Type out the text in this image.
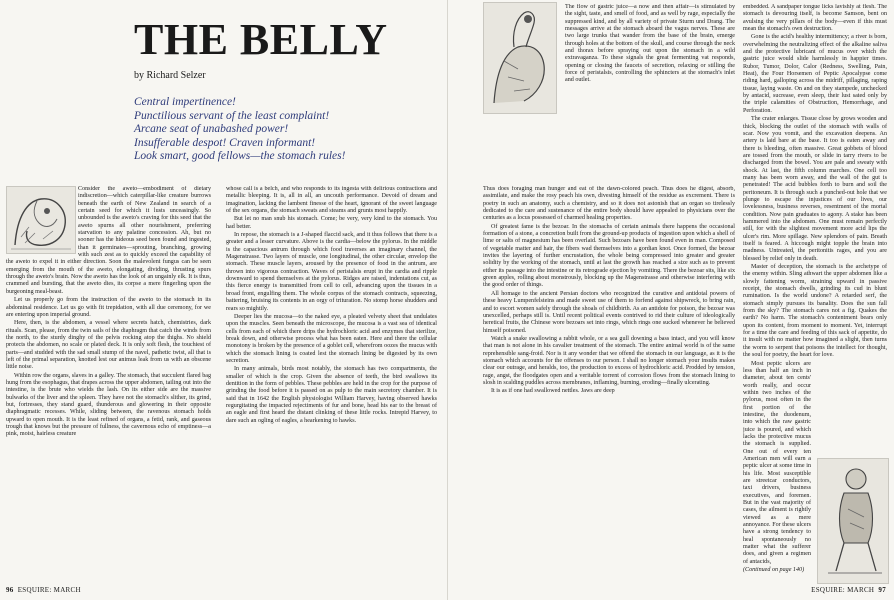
THE BELLY
by Richard Selzer
Central impertinence!
Punctilious servant of the least complaint!
Arcane seat of unabashed power!
Insufferable despot! Craven informant!
Look smart, good fellows—the stomach rules!

Consider the aweto—embodiment of dietary indiscretion—which caterpillar-like creature burrows beneath the earth of New Zealand in search of a certain seed for which it lusts unceasingly. So unbounded is the aweto's craving for this seed that the aweto spurns all other nourishment, preferring starvation to any palatine concession. Ah, but no sooner has the hideous seed been found and ingested, than it germinates—sprouting, branching, growing with such zest as to quickly exceed the capability of the aweto to expel it in either direction. Soon the malevolent fungus can be seen emerging from the mouth of the aweto, elongating, dividing, thrusting spurs through the aweto's brain. Now the aweto has the look of an ungainly elk. It is thus, crammed and bursting, that the aweto dies, its corpse a mere fingerling upon the burgeoning meal-beast.

Let us properly go from the instruction of the aweto to the stomach in its abdominal residence. Let us go with fit trepidation, with all due ceremony, for we are entering upon imperial ground.

Here, then, is the abdomen, a vessel where secrets hatch, chemistries, dark rituals. Scan, please, from the twin sails of the diaphragm that catch the winds from the north, to the sturdy dinghy of the pelvis rocking atop the thighs. No shield protects the abdomen, no scale or plated deck. It is only soft flesh, the touchiest of parts—and studded with the sad small stump of the navel, pathetic twist, all that is left of the primal separation, knotted lest our animus leak from us with an obscene little noise.

Within row the organs, slaves in a galley. The stomach, that succulent flared bag hung from the esophagus, that drapes across the upper abdomen, tailing out into the intestine, is the brute who wields the lash. On its either side are the massive bulwarks of the liver and the spleen. They have not the stomach's slither, its grind, but, fortresses, they stand guard, thunderous and glowering in their opposite diaphragmatic recesses. While, sliding between, the ravenous stomach holds upward to open mouth. It is the least refined of organs, a fetid, rank, and gaseous trough that knows but the pressure of fullness, the cavernous echo of emptiness—a pink, moist, hairless creature

whose call is a belch, and who responds to its ingesta with delirious contractions and metallic bleeping. It is, all in all, an uncouth performance. Devoid of dream and imagination, lacking the lambent finesse of the heart, ignorant of the sweet language of the sex organs, the stomach sweats and steams and grunts most happily.

But let no man snub his stomach. Come; be very, very kind to the stomach. You had better.

In repose, the stomach is a J-shaped flaccid sack, and it thus follows that there is a greater and a lesser curvature. Above is the cardia—below the pylorus. In the middle is the capacious antrum through which food traverses an imaginary channel, the Magenstrasse. Two layers of muscle, one longitudinal, the other circular, envelop the stomach. These muscle layers, aroused by the presence of food in the antrum, are thrown into vigorous contraction. Waves of peristalsis erupt in the cardia and ripple downward to spend themselves at the pylorus. Ridges are raised, indentations cut, as this fierce energy is transmitted from cell to cell, advancing upon the tissues in a broad front, engulfing them. The whole corpus of the stomach contracts, squeezing, battering, bruising its contents in an orgy of trituration. No stomp horse shudders and rears so mightily.

Deeper lies the mucosa—to the naked eye, a pleated velvety sheet that undulates upon the muscles. Seen beneath the microscope, the mucosa is a vast sea of identical cells from each of which there drips the hydrochloric acid and enzymes that sterilize, break down, and otherwise process what has been eaten. Here and there the cellular monotony is broken by the presence of a goblet cell, wherefrom oozes the mucus with which the stomach lining is coated lest the stomach lining be digested by its own secretion.

In many animals, birds most notably, the stomach has two compartments, the smaller of which is the crop. Given the absence of teeth, the bird swallows its dentition in the form of pebbles. These pebbles are held in the crop for the purpose of grinding the food before it is passed on as pulp to the main secretory chamber. It is said that in 1642 the English physiologist William Harvey, having observed hawks regurgitating the impacted rejectiments of fur and bone, head his ear to the breast of an eagle and first heard the distant clinking of these little rocks. Intrepid Harvey, to dare such an ogling of eagles, a hearkening to hawks.

96 ESQUIRE: MARCH

The flow of gastric juice—a now and then affair—is stimulated by the sight, taste, and smell of food, and as well by rage, especially the suppressed kind, and by all variety of private Sturm und Drang. The messages arrive at the stomach aboard the vagus nerves. These are two large trunks that wander from the base of the brain, emerge through holes at the bottom of the skull, and course through the neck and thorax before spraying out upon the stomach in a wild extravaganza. To these signals the great fermenting vat responds, opening or closing the faucets of secretion, relaxing or stilling the force of peristalsis, controlling the sphincters at the stomach's inlet and outlet.

Thus does foraging man hunger and eat of the dawn-colored peach. Thus does he digest, absorb, assimilate, and make the rosy peach his own, divesting himself of the residue as excrement. There is poetry in such an anatomy, such a chemistry, and so it does not astonish that an organ so tirelessly dedicated to the care and sustenance of the entire body should have appealed to physicians over the centuries as a locus possessed of charmed healing properties.

Of greatest fame is the bezoar. In the stomachs of certain animals there happens the occasional formation of a stone, a concretion built from the ground-up products of ingestion upon which a shell of lime or salts of magnesium has been overlaid. Such bezoars have been found even in man. Composed of vegetable matter and hair, the fibers wad themselves into a gordian knot. Once formed, the bezoar invites the layering of further encrustation, the whole being compressed into greater and greater solidity by the working of the stomach, until at last the growth has reached a size such as to prevent either its passage into the intestine or its retrograde ejection by vomiting. There the bezoar sits, like six green apples, rolling about monstrously, blocking up the Magenstrasse and otherwise interfering with the good order of things.

All homage to the ancient Persian doctors who recognized the curative and antidotal powers of these heavy Lumpenfelsteins and made sweet use of them to forfend against shipwreck, to bring rain, and to escort women safely through the shoals of childbirth. As an antidote for poison, the bezoar was unexcelled, perhaps still is. Until recent political events contrived to rid their culture of ideologically heretical fruits, the Chinese wore bezoars set into rings, which rings one sucked whenever he believed himself poisoned.

Watch a snake swallowing a rabbit whole, or a sea gull downing a bass intact, and you will know that man is not alone in his cavalier treatment of the stomach. The entire animal world is of the same reprehensible sang-froid. Nor is it any wonder that we offend the stomach in our language, as it is the stomach which accounts for the offenses to our person. I shall no longer stomach your insults makes clear our outrage, and heralds, too, the production to excess of hydrochloric acid. Prodded by tension, rage, angst, the floodgates open and a veritable torrent of corrosion flows from the stomach lining to slosh in scalding puddles across membranes, inflaming, burning, eroding—finally ulcerating.

It is as if one had swallowed nettles. Jaws are deep

embedded. A sandpaper tongue licks lavishly at flesh. The stomach is devouring itself, is become Samson, bent on avulsing the very pillars of the body—even if this must mean the stomach's own destruction.

Gone is the acid's healthy intermittency; a river is born, overwhelming the neutralizing effect of the alkaline saliva and the protective lubricant of mucus over which the gastric juice would slide harmlessly in happier times. Rubor, Tumor, Dolor, Calor (Redness, Swelling, Pain, Heat), the Four Horsemen of Peptic Apocalypse come riding hard, galloping across the midriff, pillaging, raping tissue, laying waste. On and on they stampede, unchecked by antacid, sucrease, even sleep, their lust sated only by the triple calamities of Obstruction, Hemorrhage, and Perforation.

The crater enlarges. Tissue close by grows wooden and thick, blocking the outlet of the stomach with walls of scar. Now you vomit, and the excavation deepens. An artery is laid bare at the base. It too is eaten away and there is bleeding, often massive. Great gobbets of blood are tossed from the mouth, or slide in tarry rivers to be discharged from the bowel. You are pale and sweaty with shock. At last, the fifth column marches. One cell too many has been worn away, and the wall of the gut is penetrated! The acid bubbles forth to burn and soil the peritoneum. It is through such a punched-out hole that we plunge to escape the injustices of our lives, our lovelessness, business reverses, resentment of the mortal condition. Now pain graduates to agony. A stake has been hammered into the abdomen. One must remain perfectly still, for with the slightest movement more acid lips the ulcer's rim. More spillage. New splendors of pain. Breath itself is feared. A hiccough might topple the brain into madness. Untreated, the peritonitis rages, and you are blessed by relief only in death.

Master of deception, the stomach is the archetype of the enemy within. Sling athwart the upper abdomen like a slowly fattening worm, straining upward in passive receipt, the stomach dwells, grinding its cud in blunt rumination. Is the world undone? A retarded serf, the stomach simply pursues its banality. Does the sun fall from the sky? The stomach cares not a fig. Quakes the earth? No harm. The stomach's contentment bears only upon its content, from moment to moment. Yet, interrupt for a time the care and feeding of this sack of appetite, do it insult with no matter how imagined a slight, then turns the worm to serpent that poisons the intellect for thought, the soul for poetry, the heart for love.

Most peptic ulcers are less than half an inch in diameter, about ten cents' worth really, and occur within two inches of the pylorus, most often in the first portion of the intestine, the duodenum, into which the raw gastric juice is poured, and which lacks the protective mucus the stomach is supplied. One out of every ten American men will earn a peptic ulcer at some time in his life. Most susceptible are streetcar conductors, taxi drivers, business executives, and foremen. But in the vast majority of cases, the ailment is rightly viewed as a mere annoyance. For these ulcers have a strong tendency to heal spontaneously no matter what the sufferer does, and given a regimen of antacids,

(Continued on page 140)

ESQUIRE: MARCH 97
